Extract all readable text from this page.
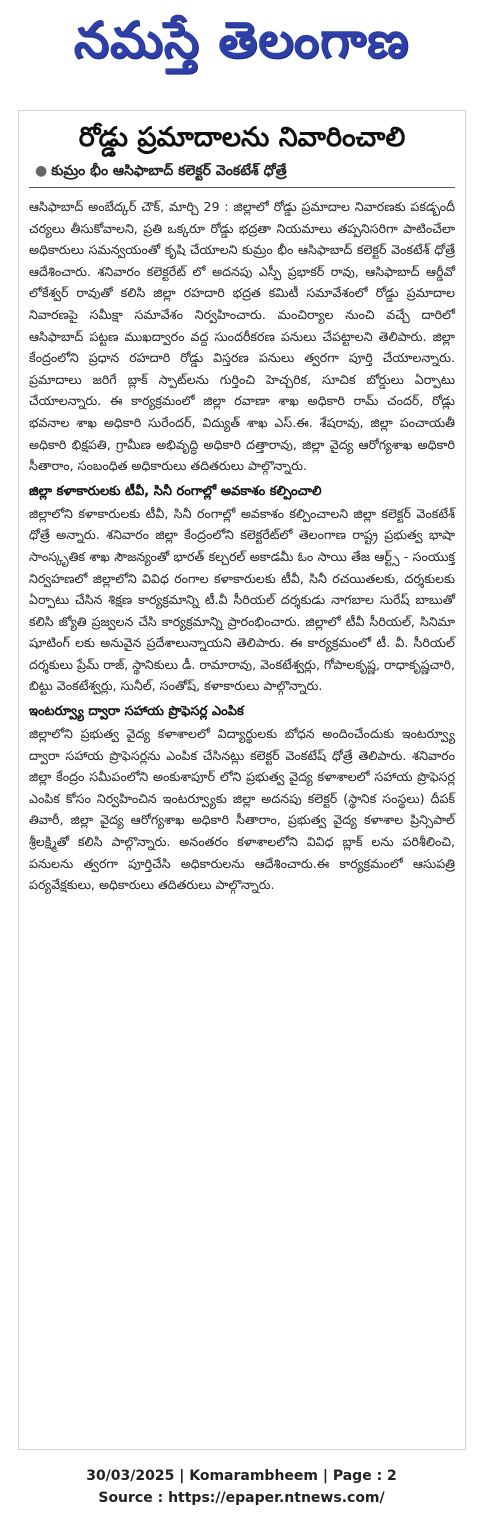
నమస్తే తెలంగాణ
రోడ్డు ప్రమాదాలను నివారించాలి
● కుమ్రం భీం ఆసిఫాబాద్ కలెక్టర్ వెంకటేశ్ ధోత్రే

ఆసిఫాబాద్ అంబేద్కర్ చౌక్, మార్చి 29 : జిల్లాలో రోడ్డు ప్రమాదాల నివారణకు పకడ్బందీ చర్యలు తీసుకోవాలని, ప్రతి ఒక్కరూ రోడ్డు భద్రతా నియమాలు తప్పనిసరిగా పాటించేలా అధికారులు సమన్వయంతో కృషి చేయాలని కుమ్రం భీం ఆసిఫాబాద్ కలెక్టర్ వెంకటేశ్ ధోత్రే ఆదేశించారు. శనివారం కలెక్టరేట్ లో అదనపు ఎస్పీ ప్రభాకర్ రావు, ఆసిఫాబాద్ ఆర్డీవో లోకేశ్వర్ రావుతో కలిసి జిల్లా రహదారి భద్రత కమిటీ సమావేశంలో రోడ్డు ప్రమాదాల నివారణపై సమీక్షా సమావేశం నిర్వహించారు. మంచిర్యాల నుంచి వచ్చే దారిలో ఆసిఫాబాద్ పట్టణ ముఖద్వారం వద్ద సుందరీకరణ పనులు చేపట్టాలని తెలిపారు. జిల్లా కేంద్రంలోని ప్రధాన రహదారి రోడ్డు విస్తరణ పనులు త్వరగా పూర్తి చేయాలన్నారు. ప్రమాదాలు జరిగే బ్లాక్ స్పాట్‌లను గుర్తించి హెచ్చరిక, సూచిక బోర్డులు ఏర్పాటు చేయాలన్నారు. ఈ కార్యక్రమంలో జిల్లా రవాణా శాఖ అధికారి రామ్ చందర్, రోడ్లు భవనాల శాఖ అధికారి సురేందర్, విద్యుత్ శాఖ ఎస్.ఈ. శేషరావు, జిల్లా పంచాయతీ అధికారి భిక్షపతి, గ్రామీణ అభివృద్ధి అధికారి దత్తారావు, జిల్లా వైద్య ఆరోగ్యశాఖ అధికారి సీతారాం, సంబంధిత అధికారులు తదితరులు పాల్గొన్నారు.

జిల్లా కళాకారులకు టీవీ, సినీ రంగాల్లో అవకాశం కల్పించాలి

జిల్లాలోని కళాకారులకు టీవీ, సినీ రంగాల్లో అవకాశం కల్పించాలని జిల్లా కలెక్టర్ వెంకటేశ్ ధోత్రే అన్నారు. శనివారం జిల్లా కేంద్రంలోని కలెక్టరేట్‌లో తెలంగాణ రాష్ట్ర ప్రభుత్వ భాషా సాంస్కృతిక శాఖ సౌజన్యంతో భారత్ కల్చరల్ అకాడమీ ఓం సాయి తేజ ఆర్ట్స్ - సంయుక్త నిర్వహణలో జిల్లాలోని వివిధ రంగాల కళాకారులకు టీవీ, సినీ రచయితలకు, దర్శకులకు ఏర్పాటు చేసిన శిక్షణ కార్యక్రమాన్ని టీ.వీ సీరియల్ దర్శకుడు నాగబాల సురేష్ బాబుతో కలిసి జ్యోతి ప్రజ్వలన చేసి కార్యక్రమాన్ని ప్రారంభించారు. జిల్లాలో టీవీ సీరియల్, సినిమా షూటింగ్ లకు అనువైన ప్రదేశాలున్నాయని తెలిపారు. ఈ కార్యక్రమంలో టీ. వీ. సీరియల్ దర్శకులు ప్రేమ్ రాజ్, స్థానికులు డీ. రామారావు, వెంకటేశ్వర్లు, గోపాలకృష్ణ, రాధాకృష్ణచారి, బిట్టు వెంకటేశ్వర్లు, సునీల్, సంతోష్, కళాకారులు పాల్గొన్నారు.

ఇంటర్వ్యూ ద్వారా సహాయ ప్రొఫెసర్ల ఎంపిక

జిల్లాలోని ప్రభుత్వ వైద్య కళాశాలలో విద్యార్థులకు బోధన అందించేందుకు ఇంటర్వ్యూ ద్వారా సహాయ ప్రొఫెసర్లను ఎంపిక చేసినట్లు కలెక్టర్ వెంకటేష్ ధోత్రే తెలిపారు. శనివారం జిల్లా కేంద్రం సమీపంలోని అంకుశాపూర్ లోని ప్రభుత్వ వైద్య కళాశాలలో సహాయ ప్రొఫెసర్ల ఎంపిక కోసం నిర్వహించిన ఇంటర్వ్యూకు జిల్లా అదనపు కలెక్టర్ (స్థానిక సంస్థలు) దీపక్ తివారీ, జిల్లా వైద్య ఆరోగ్యశాఖ అధికారి సీతారాం, ప్రభుత్వ వైద్య కళాశాల ప్రిన్సిపాల్ శ్రీలక్ష్మితో కలిసి పాల్గొన్నారు. అనంతరం కళాశాలలోని వివిధ బ్లాక్ లను పరిశీలించి, పనులను త్వరగా పూర్తిచేసి అధికారులను ఆదేశించారు.ఈ కార్యక్రమంలో ఆసుపత్రి పర్యవేక్షకులు, అధికారులు తదితరులు పాల్గొన్నారు.

30/03/2025 | Komarambheem | Page : 2
Source : https://epaper.ntnews.com/
